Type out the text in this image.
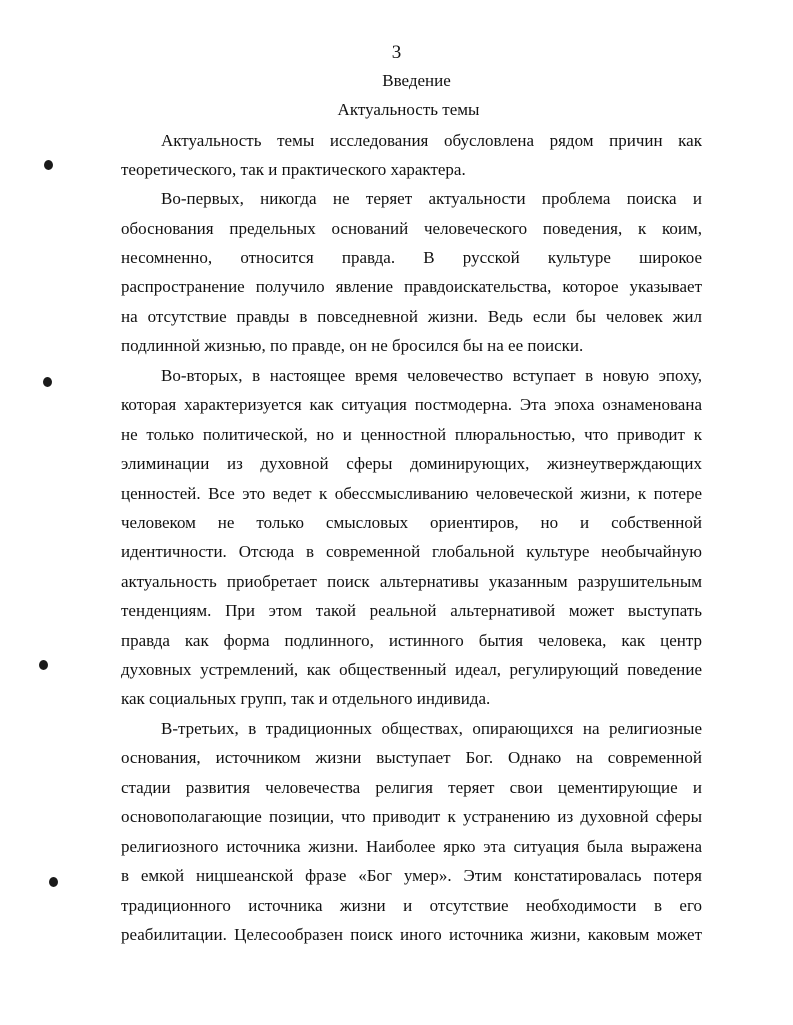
3
Введение
Актуальность темы
Актуальность темы исследования обусловлена рядом причин как
теоретического, так и практического характера.
Во-первых, никогда не теряет актуальности проблема поиска и
обоснования предельных оснований человеческого поведения, к коим,
несомненно, относится правда. В русской культуре широкое
распространение получило явление правдоискательства, которое указывает
на отсутствие правды в повседневной жизни. Ведь если бы человек жил
подлинной жизнью, по правде, он не бросился бы на ее поиски.
Во-вторых, в настоящее время человечество вступает в новую эпоху,
которая характеризуется как ситуация постмодерна. Эта эпоха ознаменована
не только политической, но и ценностной плюральностью, что приводит к
элиминации из духовной сферы доминирующих, жизнеутверждающих
ценностей. Все это ведет к обессмысливанию человеческой жизни, к потере
человеком не только смысловых ориентиров, но и собственной
идентичности. Отсюда в современной глобальной культуре необычайную
актуальность приобретает поиск альтернативы указанным разрушительным
тенденциям. При этом такой реальной альтернативой может выступать
правда как форма подлинного, истинного бытия человека, как центр
духовных устремлений, как общественный идеал, регулирующий поведение
как социальных групп, так и отдельного индивида.
В-третьих, в традиционных обществах, опирающихся на религиозные
основания, источником жизни выступает Бог. Однако на современной
стадии развития человечества религия теряет свои цементирующие и
основополагающие позиции, что приводит к устранению из духовной сферы
религиозного источника жизни. Наиболее ярко эта ситуация была выражена
в емкой ницшеанской фразе «Бог умер». Этим констатировалась потеря
традиционного источника жизни и отсутствие необходимости в его
реабилитации. Целесообразен поиск иного источника жизни, каковым может
